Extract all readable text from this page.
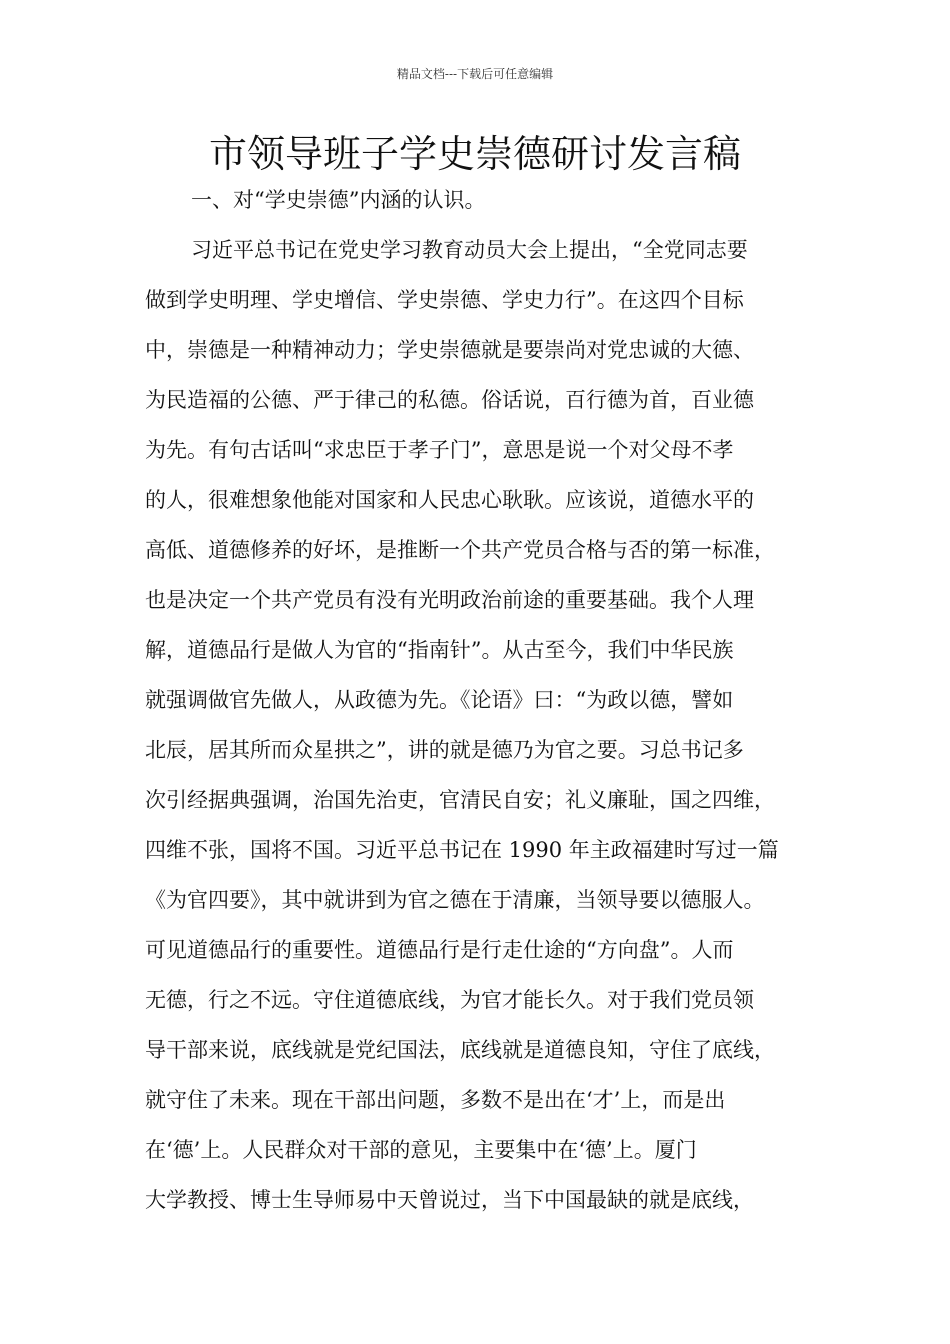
精品文档---下载后可任意编辑
市领导班子学史崇德研讨发言稿
一、对“学史崇德”内涵的认识。
习近平总书记在党史学习教育动员大会上提出，“全党同志要
做到学史明理、学史增信、学史崇德、学史力行”。在这四个目标
中，崇德是一种精神动力；学史崇德就是要崇尚对党忠诚的大德、
为民造福的公德、严于律己的私德。俗话说，百行德为首，百业德
为先。有句古话叫“求忠臣于孝子门”，意思是说一个对父母不孝
的人，很难想象他能对国家和人民忠心耿耿。应该说，道德水平的
高低、道德修养的好坏，是推断一个共产党员合格与否的第一标准，
也是决定一个共产党员有没有光明政治前途的重要基础。我个人理
解，道德品行是做人为官的“指南针”。从古至今，我们中华民族
就强调做官先做人，从政德为先。《论语》曰：“为政以德，譬如
北辰，居其所而众星拱之”，讲的就是德乃为官之要。习总书记多
次引经据典强调，治国先治吏，官清民自安；礼义廉耻，国之四维，
四维不张，国将不国。习近平总书记在 1990 年主政福建时写过一篇
《为官四要》，其中就讲到为官之德在于清廉，当领导要以德服人。
可见道德品行的重要性。道德品行是行走仕途的“方向盘”。人而
无德，行之不远。守住道德底线，为官才能长久。对于我们党员领
导干部来说，底线就是党纪国法，底线就是道德良知，守住了底线，
就守住了未来。现在干部出问题，多数不是出在‘才’上，而是出
在‘德’上。人民群众对干部的意见，主要集中在‘德’上。厦门
大学教授、博士生导师易中天曾说过，当下中国最缺的就是底线，
